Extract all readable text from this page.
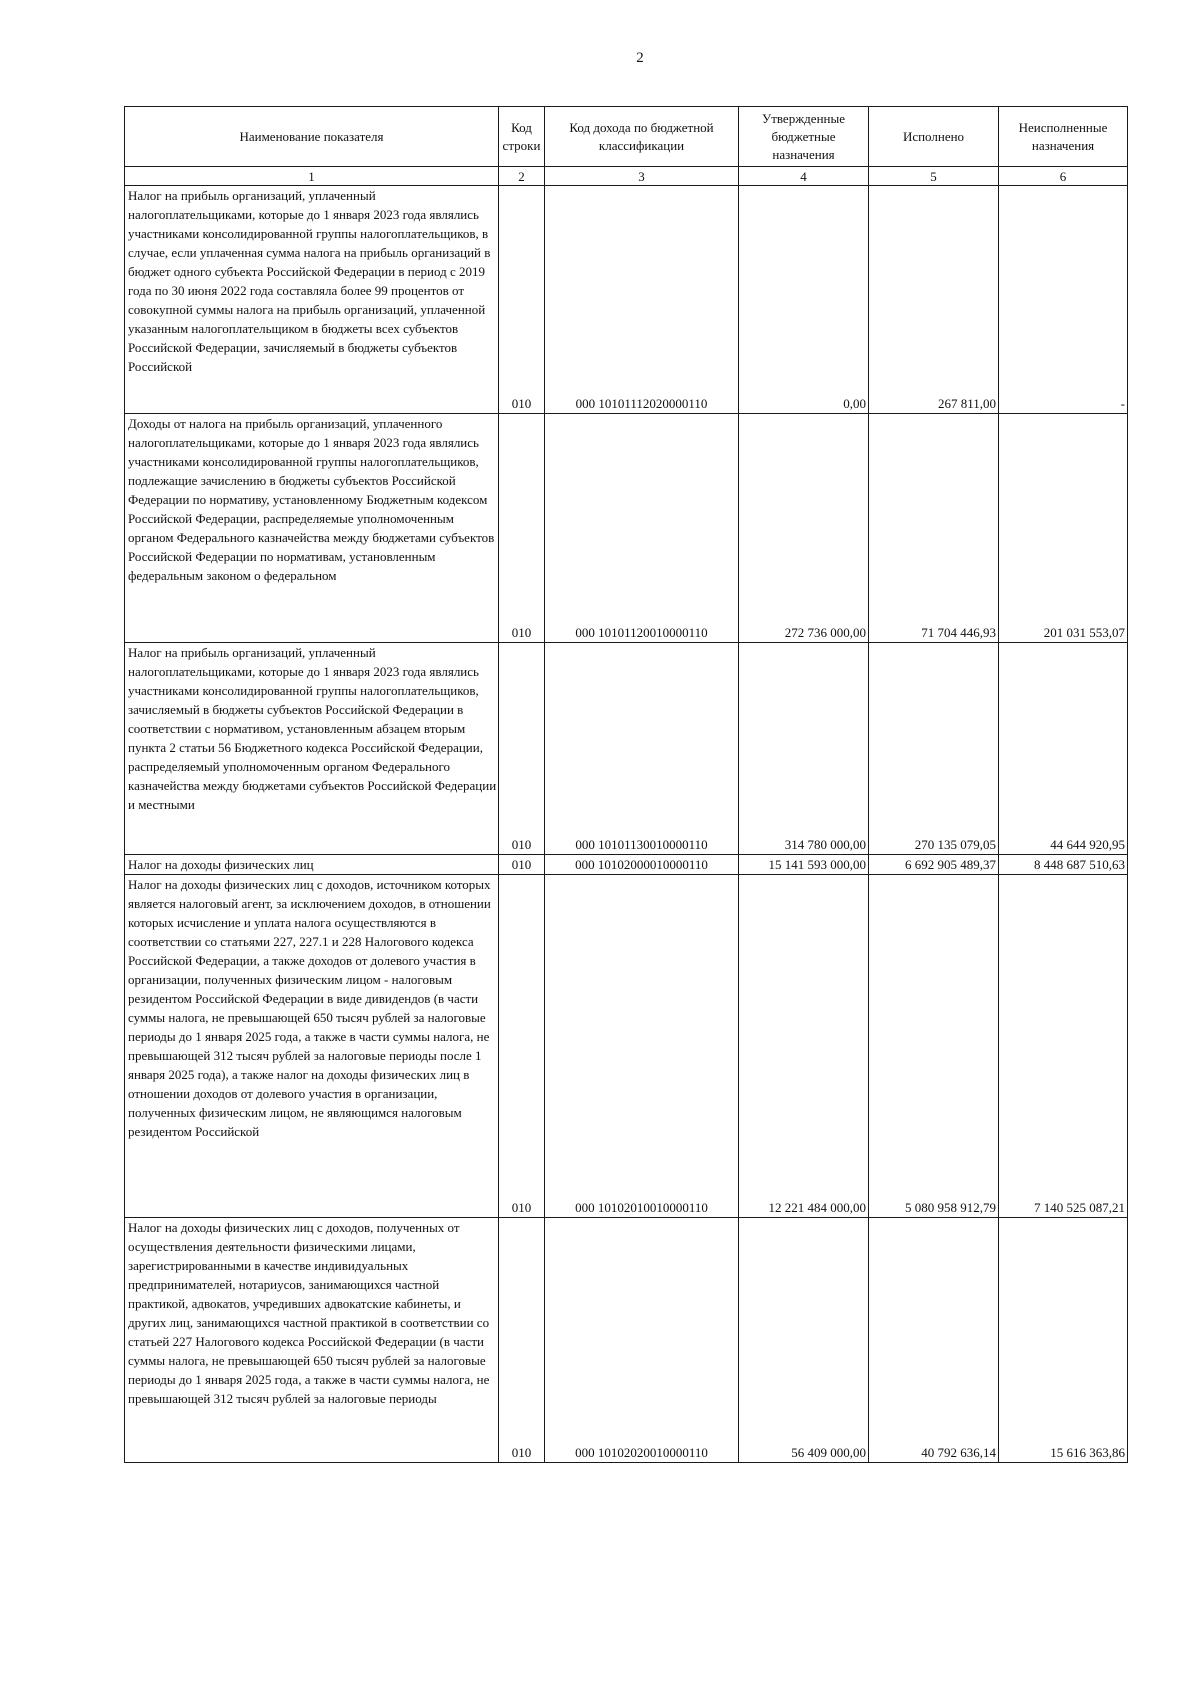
2
Наименование показателя	Код строки	Код дохода по бюджетной классификации	Утвержденные бюджетные назначения	Исполнено	Неисполненные назначения
1	2	3	4	5	6

Налог на прибыль организаций, уплаченный налогоплательщиками, которые до 1 января 2023 года являлись участниками консолидированной группы налогоплательщиков, в случае, если уплаченная сумма налога на прибыль организаций в бюджет одного субъекта Российской Федерации в период с 2019 года по 30 июня 2022 года составляла более 99 процентов от совокупной суммы налога на прибыль организаций, уплаченной указанным налогоплательщиком в бюджеты всех субъектов Российской Федерации, зачисляемый в бюджеты субъектов Российской	010	000 10101112020000110	0,00	267 811,00	-

Доходы от налога на прибыль организаций, уплаченного налогоплательщиками, которые до 1 января 2023 года являлись участниками консолидированной группы налогоплательщиков, подлежащие зачислению в бюджеты субъектов Российской Федерации по нормативу, установленному Бюджетным кодексом Российской Федерации, распределяемые уполномоченным органом Федерального казначейства между бюджетами субъектов Российской Федерации по нормативам, установленным федеральным законом о федеральном	010	000 10101120010000110	272 736 000,00	71 704 446,93	201 031 553,07

Налог на прибыль организаций, уплаченный налогоплательщиками, которые до 1 января 2023 года являлись участниками консолидированной группы налогоплательщиков, зачисляемый в бюджеты субъектов Российской Федерации в соответствии с нормативом, установленным абзацем вторым пункта 2 статьи 56 Бюджетного кодекса Российской Федерации, распределяемый уполномоченным органом Федерального казначейства между бюджетами субъектов Российской Федерации и местными	010	000 10101130010000110	314 780 000,00	270 135 079,05	44 644 920,95
Налог на доходы физических лиц	010	000 10102000010000110	15 141 593 000,00	6 692 905 489,37	8 448 687 510,63

Налог на доходы физических лиц с доходов, источником которых является налоговый агент, за исключением доходов, в отношении которых исчисление и уплата налога осуществляются в соответствии со статьями 227, 227.1 и 228 Налогового кодекса Российской Федерации, а также доходов от долевого участия в организации, полученных физическим лицом - налоговым резидентом Российской Федерации в виде дивидендов (в части суммы налога, не превышающей 650 тысяч рублей за налоговые периоды до 1 января 2025 года, а также в части суммы налога, не превышающей 312 тысяч рублей за налоговые периоды после 1 января 2025 года), а также налог на доходы физических лиц в отношении доходов от долевого участия в организации, полученных физическим лицом, не являющимся налоговым резидентом Российской	010	000 10102010010000110	12 221 484 000,00	5 080 958 912,79	7 140 525 087,21

Налог на доходы физических лиц с доходов, полученных от осуществления деятельности физическими лицами, зарегистрированными в качестве индивидуальных предпринимателей, нотариусов, занимающихся частной практикой, адвокатов, учредивших адвокатские кабинеты, и других лиц, занимающихся частной практикой в соответствии со статьей 227 Налогового кодекса Российской Федерации (в части суммы налога, не превышающей 650 тысяч рублей за налоговые периоды до 1 января 2025 года, а также в части суммы налога, не превышающей 312 тысяч рублей за налоговые периоды	010	000 10102020010000110	56 409 000,00	40 792 636,14	15 616 363,86
